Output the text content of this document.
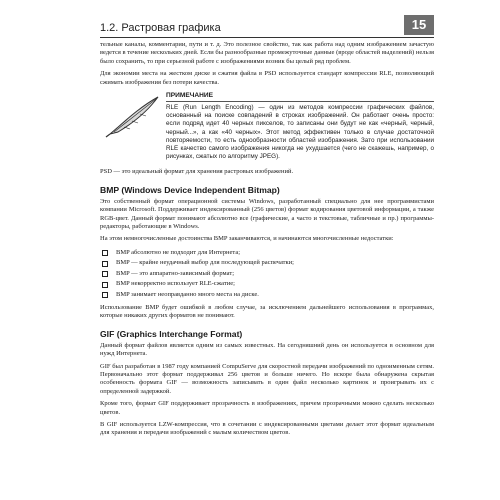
1.2. Растровая графика	15

тельные каналы, комментарии, пути и т. д. Это полезное свойство, так как работа над одним изображением зачастую ведется в течение нескольких дней. Если бы разнообразные промежуточные данные (вроде областей выделений) нельзя было сохранить, то при серьезной работе с изображениями возник бы целый ряд проблем.

Для экономии места на жестком диске и сжатия файла в PSD используется стандарт компрессии RLE, позволяющий сжимать изображения без потери качества.

ПРИМЕЧАНИЕ
RLE (Run Length Encoding) — один из методов компрессии графических файлов, основанный на поиске совпадений в строках изображений. Он работает очень просто: если подряд идет 40 черных пикселов, то записаны они будут не как «черный, черный, черный...», а как «40 черных». Этот метод эффективен только в случае достаточной повторяемости, то есть однообразности областей изображения. Зато при использовании RLE качество самого изображения никогда не ухудшается (чего не скажешь, например, о рисунках, сжатых по алгоритму JPEG).

PSD — это идеальный формат для хранения растровых изображений.

BMP (Windows Device Independent Bitmap)

Это собственный формат операционной системы Windows, разработанный специально для нее программистами компании Microsoft. Поддерживает индексированный (256 цветов) формат кодирования цветовой информации, а также RGB-цвет. Данный формат понимают абсолютно все (графические, а часто и текстовые, табличные и пр.) программы-редакторы, работающие в Windows.

На этом немногочисленные достоинства BMP заканчиваются, и начинаются многочисленные недостатки:

BMP абсолютно не подходит для Интернета;
BMP — крайне неудачный выбор для последующей распечатки;
BMP — это аппаратно-зависимый формат;
BMP некорректно использует RLE-сжатие;
BMP занимает неоправданно много места на диске.

Использование BMP будет ошибкой в любом случае, за исключением дальнейшего использования в программах, которые никаких других форматов не понимают.

GIF (Graphics Interchange Format)

Данный формат файлов является одним из самых известных. На сегодняшний день он используется в основном для нужд Интернета.

GIF был разработан в 1987 году компанией CompuServe для скоростной передачи изображений по одноименным сетям. Первоначально этот формат поддерживал 256 цветов и больше ничего. Но вскоре была обнаружена скрытая особенность формата GIF — возможность записывать в один файл несколько картинок и проигрывать их с определенной задержкой.

Кроме того, формат GIF поддерживает прозрачность в изображениях, причем прозрачными можно сделать несколько цветов.

В GIF используется LZW-компрессия, что в сочетании с индексированными цветами делает этот формат идеальным для хранения и передачи изображений с малым количеством цветов.
